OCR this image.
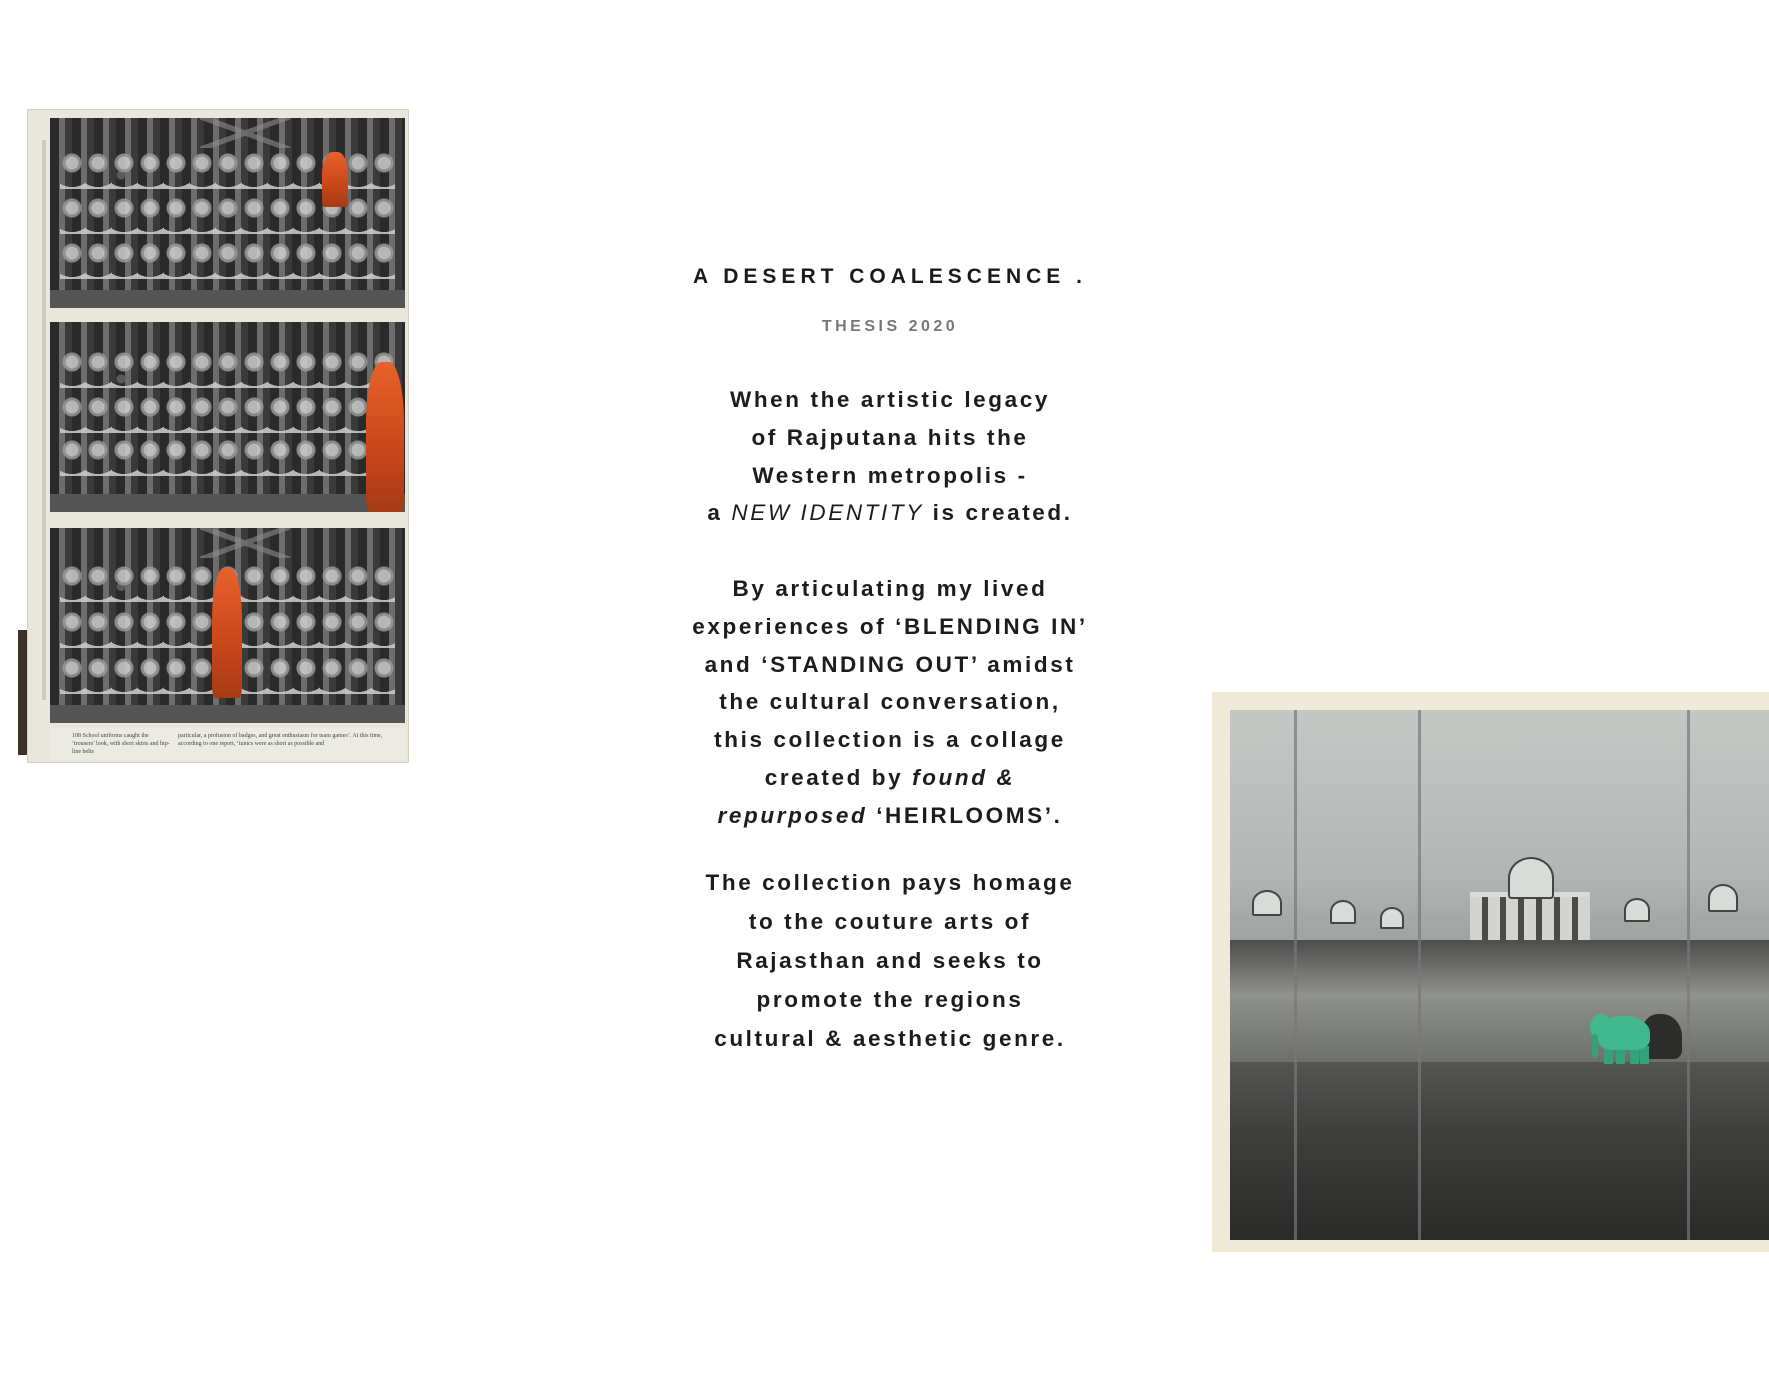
108 School uniforms caught the ‘trousers’ look, with short skirts and hip-line belts
particular, a profusion of badges, and great enthusiasm for team games’. At this time, according to one report, ‘tunics were as short as possible and
A DESERT COALESCENCE .
THESIS 2020
When the artistic legacy
of Rajputana hits the
Western metropolis -
a NEW IDENTITY is created.
By articulating my lived
experiences of ‘BLENDING IN’
and ‘STANDING OUT’ amidst
the cultural conversation,
this collection is a collage
created by found &
repurposed ‘HEIRLOOMS’.
The collection pays homage
to the couture arts of
Rajasthan and seeks to
promote the regions
cultural & aesthetic genre.
